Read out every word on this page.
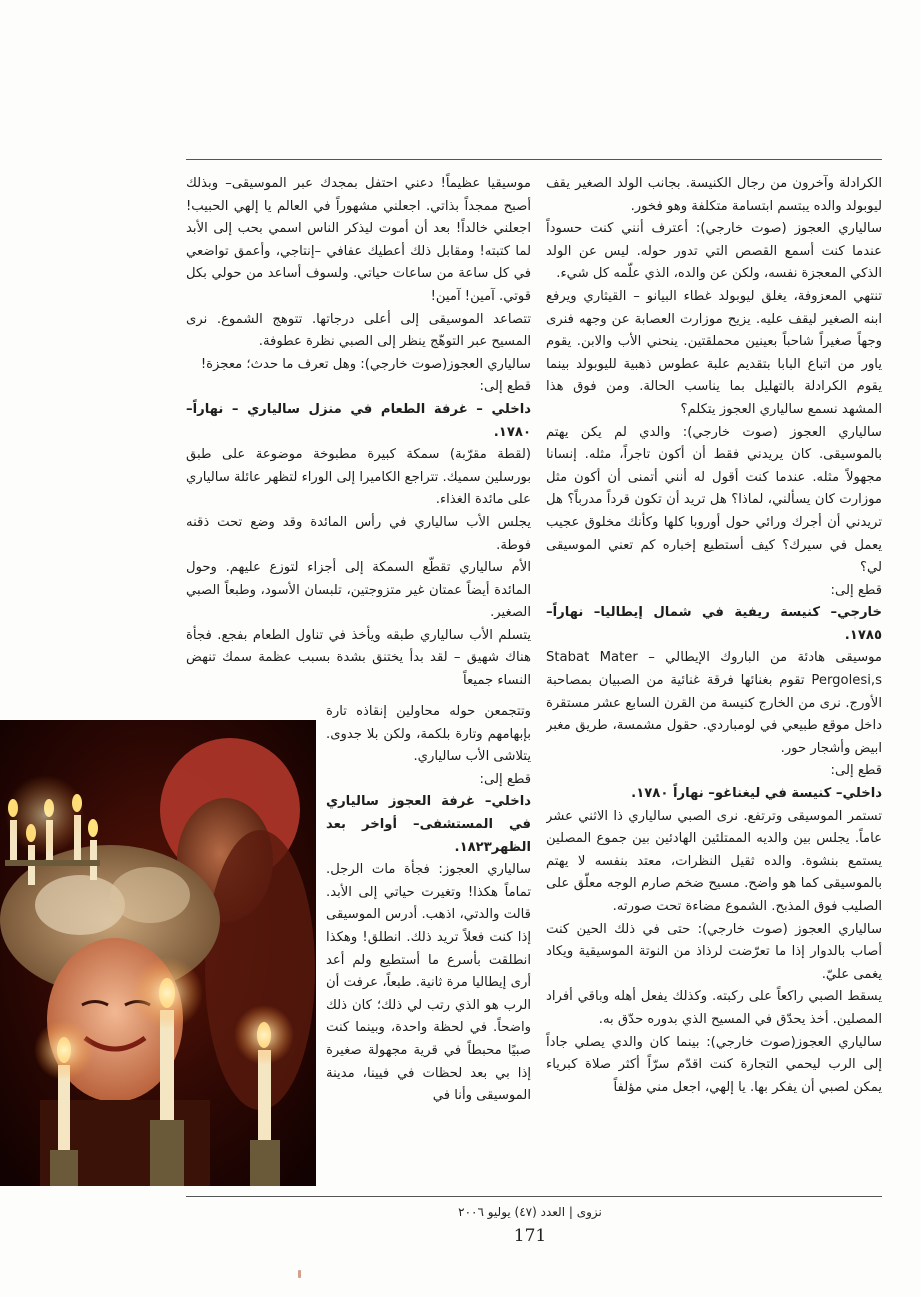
الكرادلة وآخرون من رجال الكنيسة. بجانب الولد الصغير يقف ليوبولد والده يبتسم ابتسامة متكلفة وهو فخور.

سالياري العجوز (صوت خارجي): أعترف أنني كنت حسوداً عندما كنت أسمع القصص التي تدور حوله. ليس عن الولد الذكي المعجزة نفسه، ولكن عن والده، الذي علّمه كل شيء.

تنتهي المعزوفة، يغلق ليوبولد غطاء البيانو – القيثاري ويرفع ابنه الصغير ليقف عليه. يزيح موزارت العصابة عن وجهه فنرى وجهاً صغيراً شاحباً بعينين محملقتين. ينحني الأب والابن. يقوم ياور من اتباع البابا بتقديم علبة عطوس ذهبية لليوبولد بينما يقوم الكرادلة بالتهليل بما يناسب الحالة. ومن فوق هذا المشهد نسمع سالياري العجوز يتكلم؟

سالياري العجوز (صوت خارجي): والدي لم يكن يهتم بالموسيقى. كان يريدني فقط أن أكون تاجراً، مثله. إنسانا مجهولاً مثله. عندما كنت أقول له أنني أتمنى أن أكون مثل موزارت كان يسألني، لماذا؟ هل تريد أن تكون قرداً مدرباً؟ هل تريدني أن أجرك ورائي حول أوروبا كلها وكأنك مخلوق عجيب يعمل في سيرك؟ كيف أستطيع إخباره كم تعني الموسيقى لي؟

قطع إلى:

خارجي– كنيسة ريفية في شمال إيطاليا– نهاراً– ١٧٨٥.

موسيقى هادئة من الباروك الإيطالي – Stabat Mater Pergolesi,s تقوم بغنائها فرقة غنائية من الصبيان بمصاحبة الأورج. نرى من الخارج كنيسة من القرن السابع عشر مستقرة داخل موقع طبيعي في لومباردي. حقول مشمسة، طريق مغبر ابيض وأشجار حور.

قطع إلى:

داخلي– كنيسة في ليغناغو– نهاراً ١٧٨٠.

تستمر الموسيقى وترتفع. نرى الصبي سالياري ذا الاثني عشر عاماً. يجلس بين والديه الممتلئين الهادئين بين جموع المصلين يستمع بنشوة. والده ثقيل النظرات، معتد بنفسه لا يهتم بالموسيقى كما هو واضح. مسيح ضخم صارم الوجه معلّق على الصليب فوق المذبح. الشموع مضاءة تحت صورته.

سالياري العجوز (صوت خارجي): حتى في ذلك الحين كنت أصاب بالدوار إذا ما تعرّضت لرذاذ من النوتة الموسيقية ويكاد يغمى عليّ.

يسقط الصبي راكعاً على ركبته. وكذلك يفعل أهله وباقي أفراد المصلين. أخذ يحدّق في المسيح الذي بدوره حدّق به.

سالياري العجوز(صوت خارجي): بينما كان والدي يصلي جاداً إلى الرب ليحمي التجارة كنت اقدّم سرّاً أكثر صلاة كبرياء يمكن لصبي أن يفكر بها. يا إلهي، اجعل مني مؤلفاً

موسيقيا عظيماً! دعني احتفل بمجدك عبر الموسيقى– وبذلك أصبح ممجداً بذاتي. اجعلني مشهوراً في العالم يا إلهي الحبيب! اجعلني خالداً! بعد أن أموت ليذكر الناس اسمي بحب إلى الأبد لما كتبته! ومقابل ذلك أعطيك عفافي –إنتاجي، وأعمق تواضعي في كل ساعة من ساعات حياتي. ولسوف أساعد من حولي بكل قوتي. آمين! آمين!

تتصاعد الموسيقى إلى أعلى درجاتها. تتوهج الشموع. نرى المسيح عبر التوهّج ينظر إلى الصبي نظرة عطوفة.

سالياري العجوز(صوت خارجي): وهل تعرف ما حدث؛ معجزة!

قطع إلى:

داخلي – غرفة الطعام في منزل سالياري – نهاراً– ١٧٨٠.

(لقطة مقرّبة) سمكة كبيرة مطبوخة موضوعة على طبق بورسلين سميك. تتراجع الكاميرا إلى الوراء لتظهر عائلة سالياري على مائدة الغذاء.

يجلس الأب سالياري في رأس المائدة وقد وضع تحت ذقنه فوطة.

الأم سالياري تقطّع السمكة إلى أجزاء لتوزع عليهم. وحول المائدة أيضاً عمتان غير متزوجتين، تلبسان الأسود، وطبعاً الصبي الصغير.

يتسلم الأب سالياري طبقه ويأخذ في تناول الطعام بفجع. فجأة هناك شهيق – لقد بدأ يختنق بشدة بسبب عظمة سمك تنهض النساء جميعاً

وتتجمعن حوله محاولين إنقاذه تارة بإبهامهم وتارة بلكمة، ولكن بلا جدوى. يتلاشى الأب سالياري.

قطع إلى:

داخلي– غرفة العجوز سالياري في المستشفى– أواخر بعد الظهر١٨٢٣.

سالياري العجوز: فجأة مات الرجل. تماماً هكذا! وتغيرت حياتي إلى الأبد. قالت والدتي، اذهب. أدرس الموسيقى إذا كنت فعلاً تريد ذلك. انطلق! وهكذا انطلقت بأسرع ما أستطيع ولم أعد أرى إيطاليا مرة ثانية. طبعاً، عرفت أن الرب هو الذي رتب لي ذلك؛ كان ذلك واضحاً. في لحظة واحدة، وبينما كنت صبيًا محبطاً في قرية مجهولة صغيرة إذا بي بعد لحظات في فيينا، مدينة الموسيقى وأنا في

نزوى | العدد (٤٧) يوليو ٢٠٠٦
171
